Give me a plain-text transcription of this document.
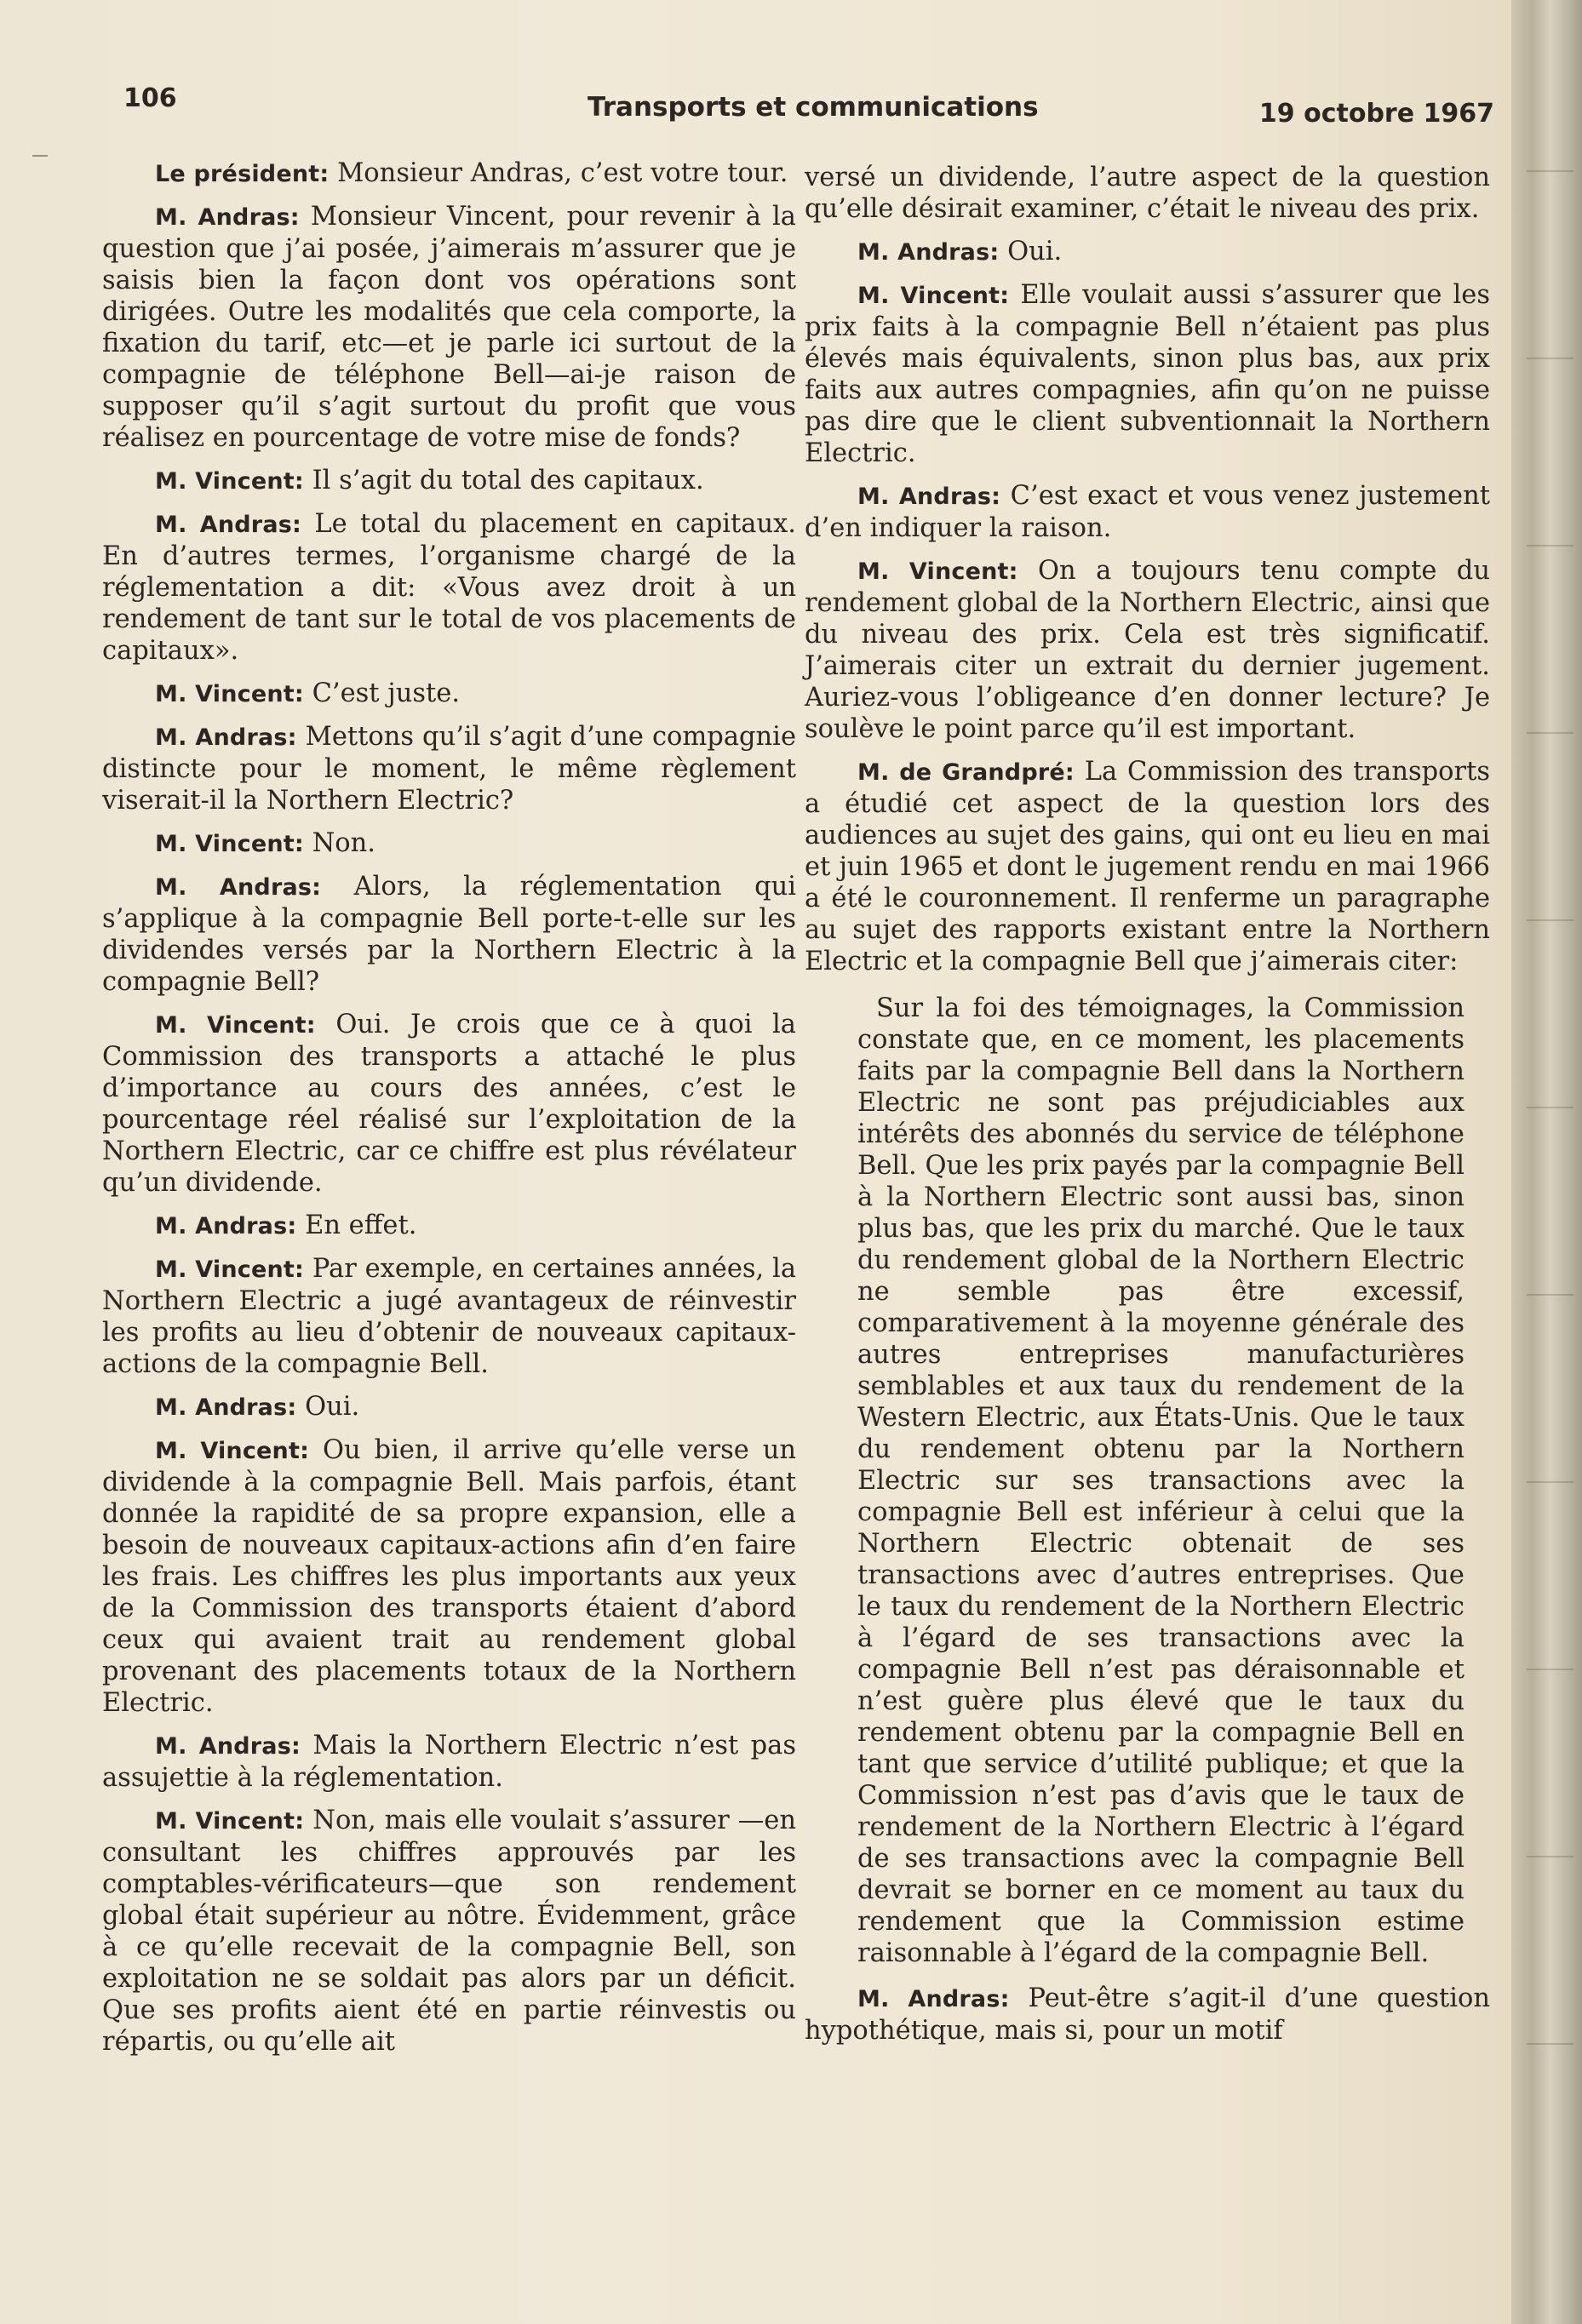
106	Transports et communications	19 octobre 1967

Le président: Monsieur Andras, c’est votre tour.

M. Andras: Monsieur Vincent, pour revenir à la question que j’ai posée, j’aimerais m’assurer que je saisis bien la façon dont vos opérations sont dirigées. Outre les modalités que cela comporte, la fixation du tarif, etc—et je parle ici surtout de la compagnie de téléphone Bell—ai-je raison de supposer qu’il s’agit surtout du profit que vous réalisez en pourcentage de votre mise de fonds?

M. Vincent: Il s’agit du total des capitaux.

M. Andras: Le total du placement en capitaux. En d’autres termes, l’organisme chargé de la réglementation a dit: «Vous avez droit à un rendement de tant sur le total de vos placements de capitaux».

M. Vincent: C’est juste.

M. Andras: Mettons qu’il s’agit d’une compagnie distincte pour le moment, le même règlement viserait-il la Northern Electric?

M. Vincent: Non.

M. Andras: Alors, la réglementation qui s’applique à la compagnie Bell porte-t-elle sur les dividendes versés par la Northern Electric à la compagnie Bell?

M. Vincent: Oui. Je crois que ce à quoi la Commission des transports a attaché le plus d’importance au cours des années, c’est le pourcentage réel réalisé sur l’exploitation de la Northern Electric, car ce chiffre est plus révélateur qu’un dividende.

M. Andras: En effet.

M. Vincent: Par exemple, en certaines années, la Northern Electric a jugé avantageux de réinvestir les profits au lieu d’obtenir de nouveaux capitaux-actions de la compagnie Bell.

M. Andras: Oui.

M. Vincent: Ou bien, il arrive qu’elle verse un dividende à la compagnie Bell. Mais parfois, étant donnée la rapidité de sa propre expansion, elle a besoin de nouveaux capitaux-actions afin d’en faire les frais. Les chiffres les plus importants aux yeux de la Commission des transports étaient d’abord ceux qui avaient trait au rendement global provenant des placements totaux de la Northern Electric.

M. Andras: Mais la Northern Electric n’est pas assujettie à la réglementation.

M. Vincent: Non, mais elle voulait s’assurer —en consultant les chiffres approuvés par les comptables-vérificateurs—que son rendement global était supérieur au nôtre. Évidemment, grâce à ce qu’elle recevait de la compagnie Bell, son exploitation ne se soldait pas alors par un déficit. Que ses profits aient été en partie réinvestis ou répartis, ou qu’elle ait

versé un dividende, l’autre aspect de la question qu’elle désirait examiner, c’était le niveau des prix.

M. Andras: Oui.

M. Vincent: Elle voulait aussi s’assurer que les prix faits à la compagnie Bell n’étaient pas plus élevés mais équivalents, sinon plus bas, aux prix faits aux autres compagnies, afin qu’on ne puisse pas dire que le client subventionnait la Northern Electric.

M. Andras: C’est exact et vous venez justement d’en indiquer la raison.

M. Vincent: On a toujours tenu compte du rendement global de la Northern Electric, ainsi que du niveau des prix. Cela est très significatif. J’aimerais citer un extrait du dernier jugement. Auriez-vous l’obligeance d’en donner lecture? Je soulève le point parce qu’il est important.

M. de Grandpré: La Commission des transports a étudié cet aspect de la question lors des audiences au sujet des gains, qui ont eu lieu en mai et juin 1965 et dont le jugement rendu en mai 1966 a été le couronnement. Il renferme un paragraphe au sujet des rapports existant entre la Northern Electric et la compagnie Bell que j’aimerais citer:

Sur la foi des témoignages, la Commission constate que, en ce moment, les placements faits par la compagnie Bell dans la Northern Electric ne sont pas préjudiciables aux intérêts des abonnés du service de téléphone Bell. Que les prix payés par la compagnie Bell à la Northern Electric sont aussi bas, sinon plus bas, que les prix du marché. Que le taux du rendement global de la Northern Electric ne semble pas être excessif, comparativement à la moyenne générale des autres entreprises manufacturières semblables et aux taux du rendement de la Western Electric, aux États-Unis. Que le taux du rendement obtenu par la Northern Electric sur ses transactions avec la compagnie Bell est inférieur à celui que la Northern Electric obtenait de ses transactions avec d’autres entreprises. Que le taux du rendement de la Northern Electric à l’égard de ses transactions avec la compagnie Bell n’est pas déraisonnable et n’est guère plus élevé que le taux du rendement obtenu par la compagnie Bell en tant que service d’utilité publique; et que la Commission n’est pas d’avis que le taux de rendement de la Northern Electric à l’égard de ses transactions avec la compagnie Bell devrait se borner en ce moment au taux du rendement que la Commission estime raisonnable à l’égard de la compagnie Bell.

M. Andras: Peut-être s’agit-il d’une question hypothétique, mais si, pour un motif
